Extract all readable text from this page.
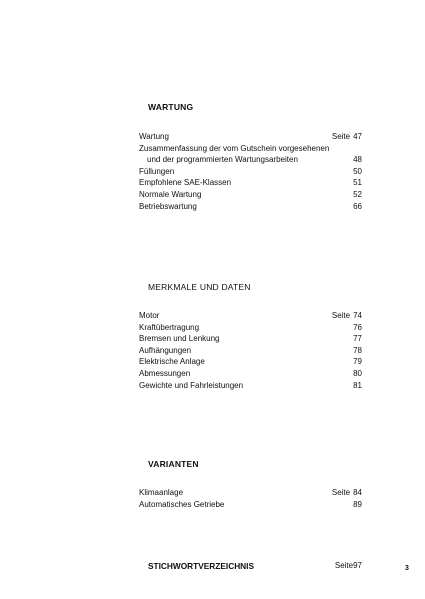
WARTUNG
Wartung	Seite 47
Zusammenfassung der vom Gutschein vorgesehenen
und der programmierten Wartungsarbeiten	48
Füllungen	50
Empfohlene SAE-Klassen	51
Normale Wartung	52
Betriebswartung	66
MERKMALE UND DATEN
Motor	Seite 74
Kraftübertragung	76
Bremsen und Lenkung	77
Aufhängungen	78
Elektrische Anlage	79
Abmessungen	80
Gewichte und Fahrleistungen	81
VARIANTEN
Klimaanlage	Seite 84
Automatisches Getriebe	89
STICHWORTVERZEICHNIS	Seite97	3
